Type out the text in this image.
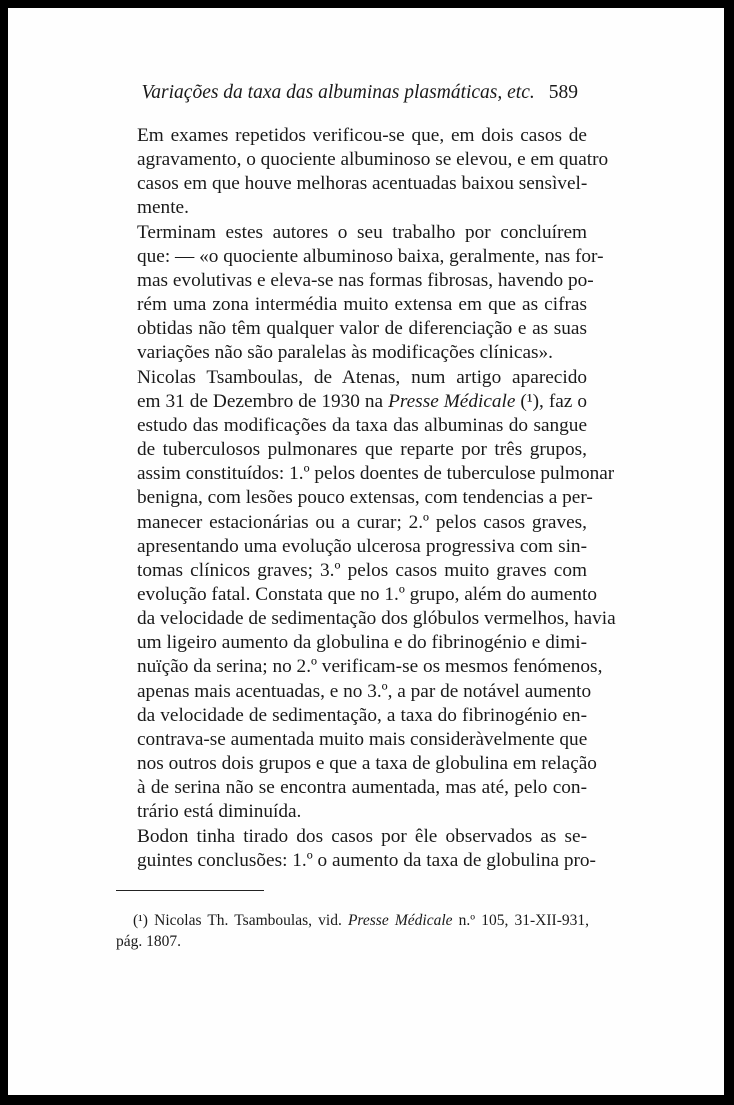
Variações da taxa das albuminas plasmáticas, etc. 589

Em exames repetidos verificou-se que, em dois casos de
agravamento, o quociente albuminoso se elevou, e em quatro
casos em que houve melhoras acentuadas baixou sensìvel-
mente.

Terminam estes autores o seu trabalho por concluírem
que: — «o quociente albuminoso baixa, geralmente, nas for-
mas evolutivas e eleva-se nas formas fibrosas, havendo po-
rém uma zona intermédia muito extensa em que as cifras
obtidas não têm qualquer valor de diferenciação e as suas
variações não são paralelas às modificações clínicas».

Nicolas Tsamboulas, de Atenas, num artigo aparecido
em 31 de Dezembro de 1930 na Presse Médicale (¹), faz o
estudo das modificações da taxa das albuminas do sangue
de tuberculosos pulmonares que reparte por três grupos,
assim constituídos: 1.º pelos doentes de tuberculose pulmonar
benigna, com lesões pouco extensas, com tendencias a per-
manecer estacionárias ou a curar; 2.º pelos casos graves,
apresentando uma evolução ulcerosa progressiva com sin-
tomas clínicos graves; 3.º pelos casos muito graves com
evolução fatal. Constata que no 1.º grupo, além do aumento
da velocidade de sedimentação dos glóbulos vermelhos, havia
um ligeiro aumento da globulina e do fibrinogénio e dimi-
nuïção da serina; no 2.º verificam-se os mesmos fenómenos,
apenas mais acentuadas, e no 3.º, a par de notável aumento
da velocidade de sedimentação, a taxa do fibrinogénio en-
contrava-se aumentada muito mais consideràvelmente que
nos outros dois grupos e que a taxa de globulina em relação
à de serina não se encontra aumentada, mas até, pelo con-
trário está diminuída.

Bodon tinha tirado dos casos por êle observados as se-
guintes conclusões: 1.º o aumento da taxa de globulina pro-

(¹) Nicolas Th. Tsamboulas, vid. Presse Médicale n.º 105, 31-XII-931,
pág. 1807.
